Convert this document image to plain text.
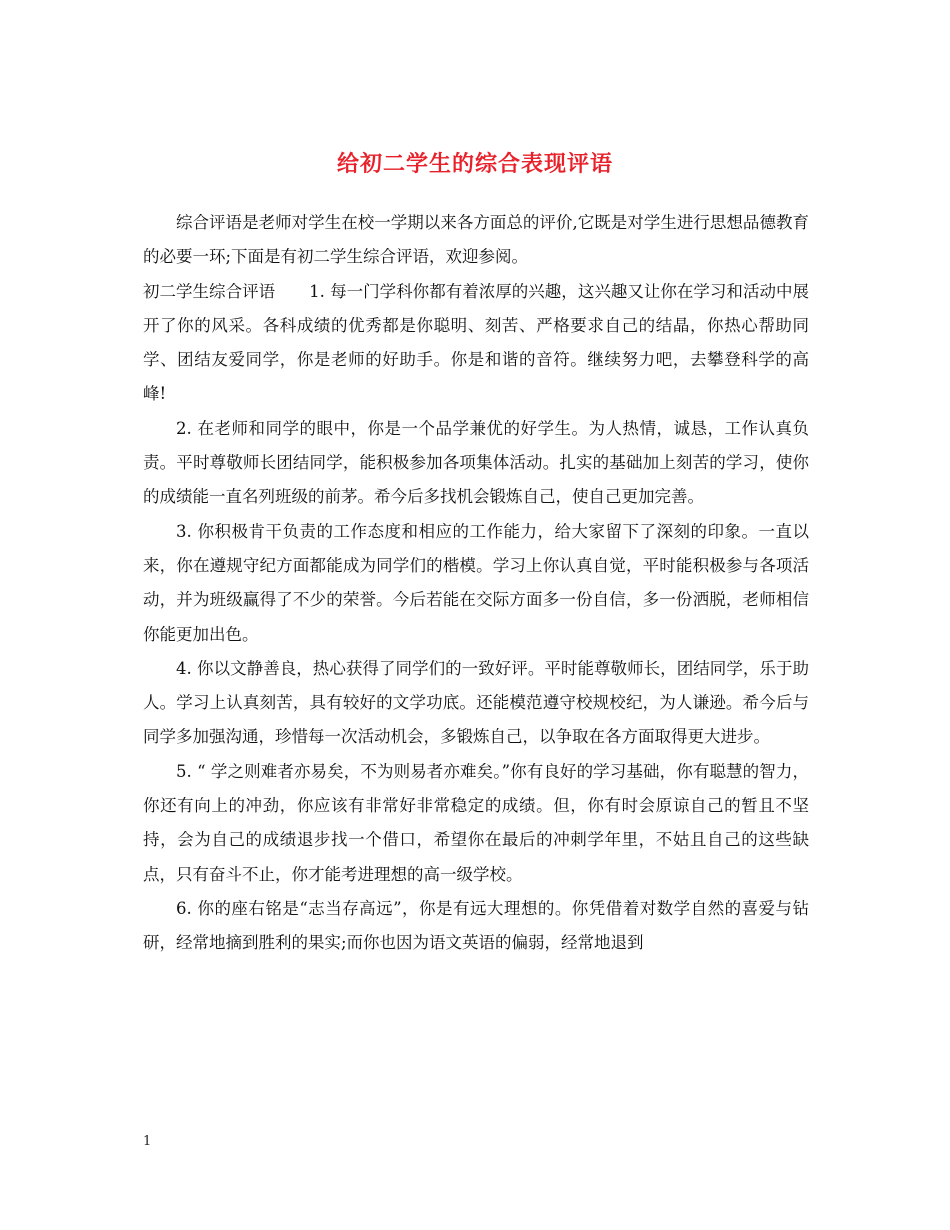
给初二学生的综合表现评语

综合评语是老师对学生在校一学期以来各方面总的评价,它既是对学生进行思想品德教育的必要一环;下面是有初二学生综合评语，欢迎参阅。

初二学生综合评语 1. 每一门学科你都有着浓厚的兴趣，这兴趣又让你在学习和活动中展开了你的风采。各科成绩的优秀都是你聪明、刻苦、严格要求自己的结晶，你热心帮助同学、团结友爱同学，你是老师的好助手。你是和谐的音符。继续努力吧，去攀登科学的高峰!

2. 在老师和同学的眼中，你是一个品学兼优的好学生。为人热情，诚恳，工作认真负责。平时尊敬师长团结同学，能积极参加各项集体活动。扎实的基础加上刻苦的学习，使你的成绩能一直名列班级的前茅。希今后多找机会锻炼自己，使自己更加完善。

3. 你积极肯干负责的工作态度和相应的工作能力，给大家留下了深刻的印象。一直以来，你在遵规守纪方面都能成为同学们的楷模。学习上你认真自觉，平时能积极参与各项活动，并为班级赢得了不少的荣誉。今后若能在交际方面多一份自信，多一份洒脱，老师相信你能更加出色。

4. 你以文静善良，热心获得了同学们的一致好评。平时能尊敬师长，团结同学，乐于助人。学习上认真刻苦，具有较好的文学功底。还能模范遵守校规校纪，为人谦逊。希今后与同学多加强沟通，珍惜每一次活动机会，多锻炼自己，以争取在各方面取得更大进步。

5. “ 学之则难者亦易矣，不为则易者亦难矣。”你有良好的学习基础，你有聪慧的智力，你还有向上的冲劲，你应该有非常好非常稳定的成绩。但，你有时会原谅自己的暂且不坚持，会为自己的成绩退步找一个借口，希望你在最后的冲刺学年里，不姑且自己的这些缺点，只有奋斗不止，你才能考进理想的高一级学校。

6. 你的座右铭是“志当存高远”，你是有远大理想的。你凭借着对数学自然的喜爱与钻研，经常地摘到胜利的果实;而你也因为语文英语的偏弱，经常地退到

1
